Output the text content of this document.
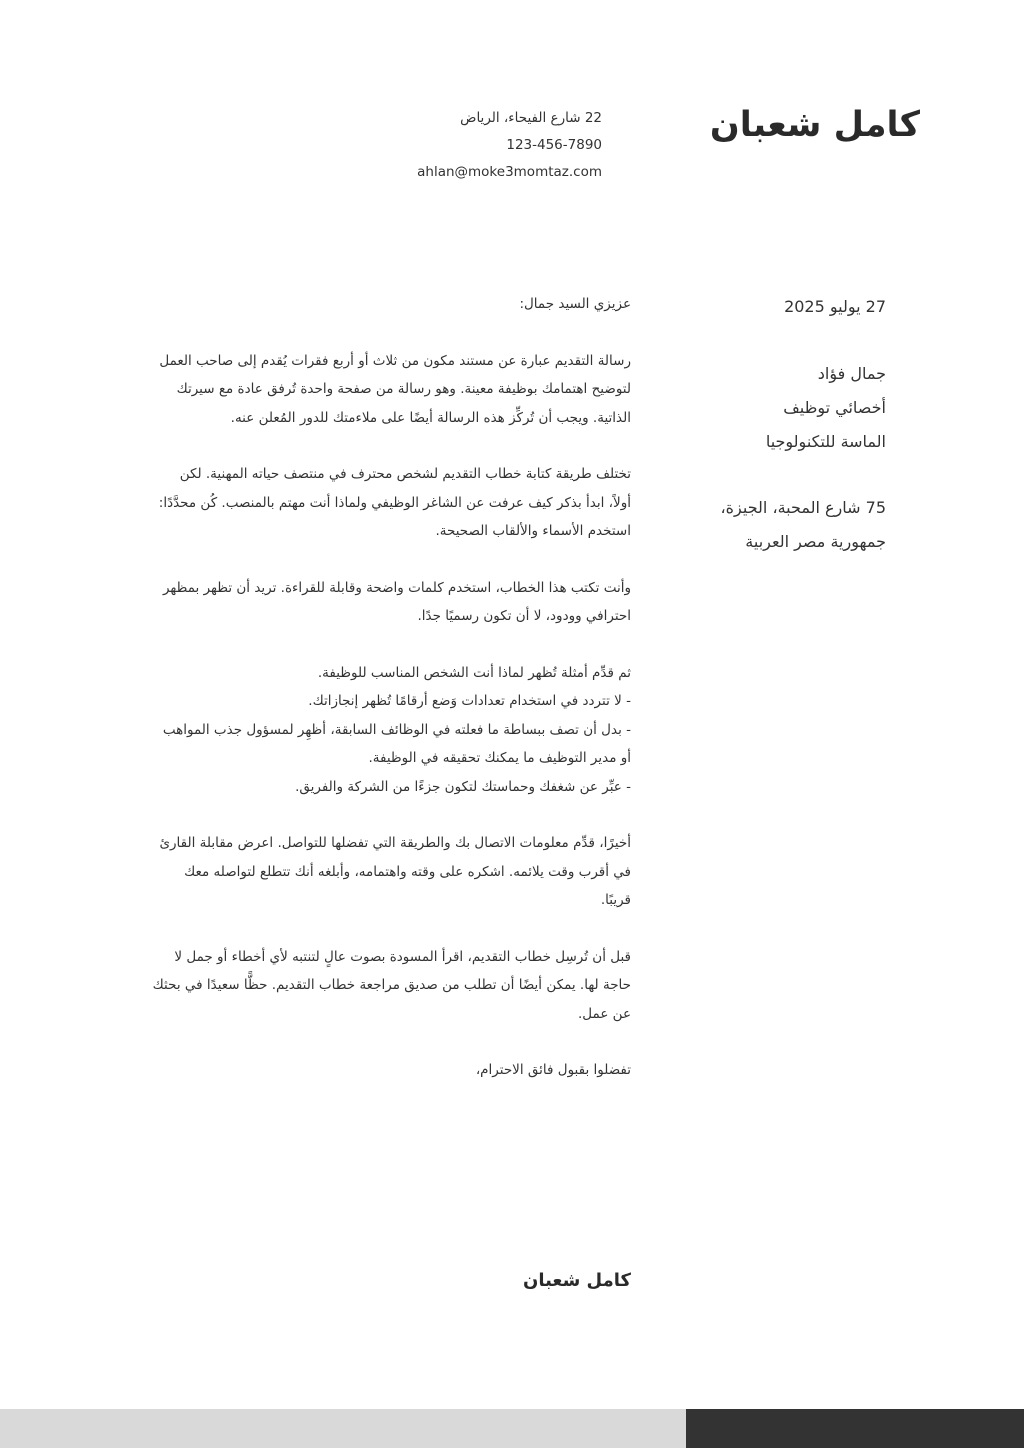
كامل شعبان
22 شارع الفيحاء، الرياض
123-456-7890
ahlan@moke3momtaz.com
27 يوليو 2025
جمال فؤاد
أخصائي توظيف
الماسة للتكنولوجيا
75 شارع المحبة، الجيزة،
جمهورية مصر العربية

عزيزي السيد جمال:

رسالة التقديم عبارة عن مستند مكون من ثلاث أو أربع فقرات يُقدم إلى صاحب العمل

لتوضيح اهتمامك بوظيفة معينة. وهو رسالة من صفحة واحدة تُرفق عادة مع سيرتك

الذاتية. ويجب أن تُركِّز هذه الرسالة أيضًا على ملاءمتك للدور المُعلن عنه.

تختلف طريقة كتابة خطاب التقديم لشخص محترف في منتصف حياته المهنية. لكن

أولاً، ابدأ بذكر كيف عرفت عن الشاغر الوظيفي ولماذا أنت مهتم بالمنصب. كُن محدَّدًا:

استخدم الأسماء والألقاب الصحيحة.

وأنت تكتب هذا الخطاب، استخدم كلمات واضحة وقابلة للقراءة. تريد أن تظهر بمظهر

احترافي وودود، لا أن تكون رسميًا جدًا.

ثم قدِّم أمثلة تُظهر لماذا أنت الشخص المناسب للوظيفة.

- لا تتردد في استخدام تعدادات وَضع أرقامًا تُظهر إنجازاتك.

- بدل أن تصف ببساطة ما فعلته في الوظائف السابقة، أظهِر لمسؤول جذب المواهب

أو مدير التوظيف ما يمكنك تحقيقه في الوظيفة.

- عبِّر عن شغفك وحماستك لتكون جزءًا من الشركة والفريق.

أخيرًا، قدِّم معلومات الاتصال بك والطريقة التي تفضلها للتواصل. اعرض مقابلة القارئ

في أقرب وقت يلائمه. اشكره على وقته واهتمامه، وأبلغه أنك تتطلع لتواصله معك

قريبًا.

قبل أن تُرسِل خطاب التقديم، اقرأ المسودة بصوت عالٍ لتنتبه لأي أخطاء أو جمل لا

حاجة لها. يمكن أيضًا أن تطلب من صديق مراجعة خطاب التقديم. حظًّا سعيدًا في بحثك

عن عمل.

تفضلوا بقبول فائق الاحترام،

كامل شعبان
